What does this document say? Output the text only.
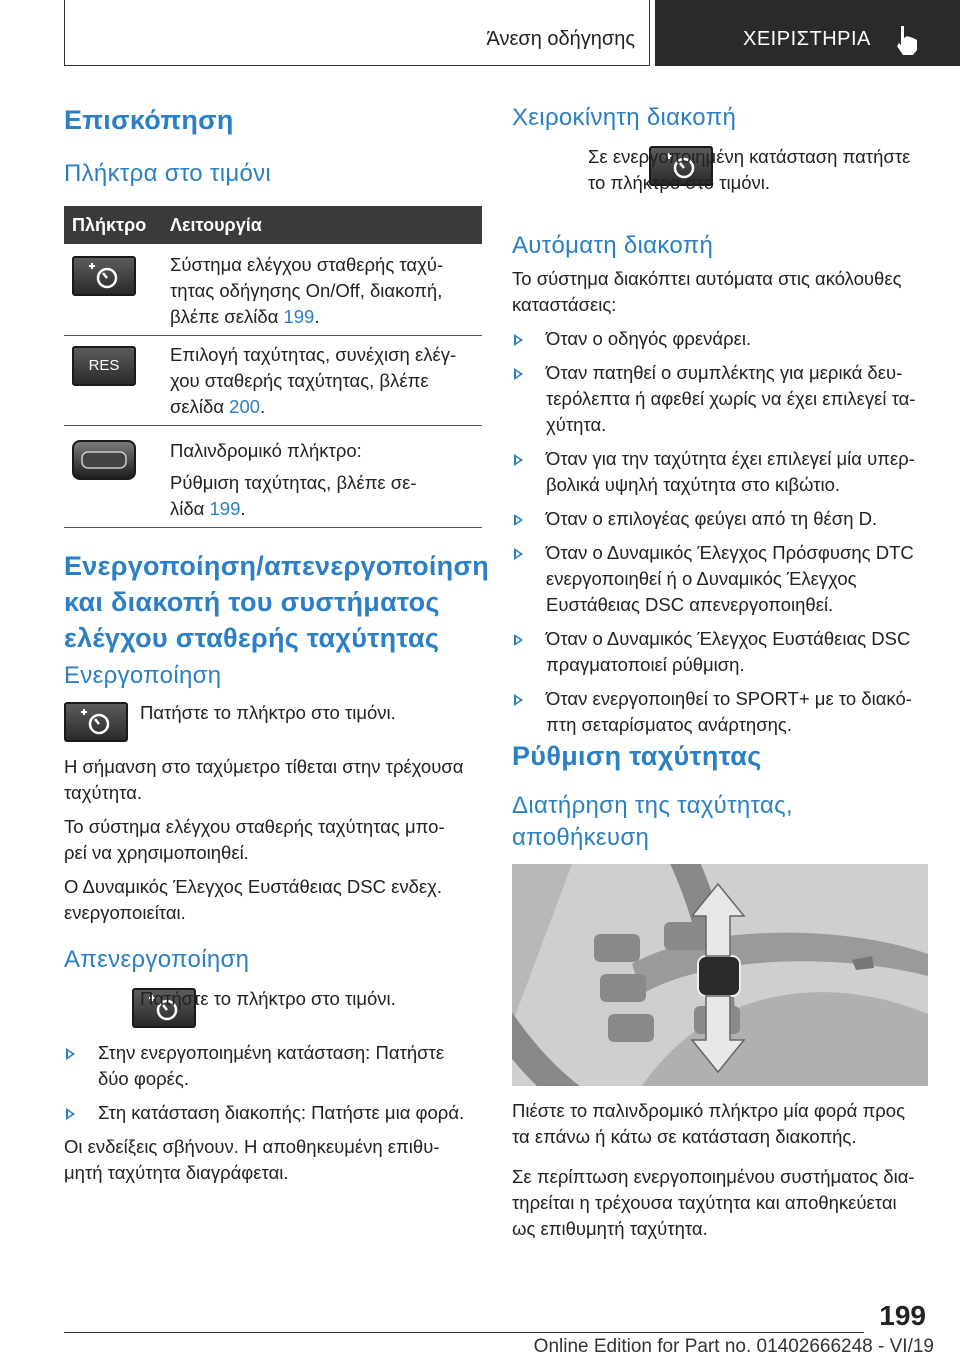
Άνεση οδήγησης	ΧΕΙΡΙΣΤΗΡΙΑ
Επισκόπηση
Πλήκτρα στο τιμόνι
Πλήκτρο Λειτουργία

Σύστημα ελέγχου σταθερής ταχύ-

τητας οδήγησης On/Off, διακοπή,

βλέπε σελίδα 199.

RES

Επιλογή ταχύτητας, συνέχιση ελέγ-

χου σταθερής ταχύτητας, βλέπε

σελίδα 200.

Παλινδρομικό πλήκτρο:

Ρύθμιση ταχύτητας, βλέπε σε-

λίδα 199.

Ενεργοποίηση/απενεργοποίηση
και διακοπή του συστήματος
ελέγχου σταθερής ταχύτητας
Ενεργοποίηση

Πατήστε το πλήκτρο στο τιμόνι.

Η σήμανση στο ταχύμετρο τίθεται στην τρέχουσα

ταχύτητα.

Το σύστημα ελέγχου σταθερής ταχύτητας μπο-

ρεί να χρησιμοποιηθεί.

Ο Δυναμικός Έλεγχος Ευστάθειας DSC ενδεχ.

ενεργοποιείται.

Απενεργοποίηση

Πατήστε το πλήκτρο στο τιμόνι.

Στην ενεργοποιημένη κατάσταση: Πατήστε
δύο φορές.
Στη κατάσταση διακοπής: Πατήστε μια φορά.

Οι ενδείξεις σβήνουν. Η αποθηκευμένη επιθυ-

μητή ταχύτητα διαγράφεται.

Χειροκίνητη διακοπή

Σε ενεργοποιημένη κατάσταση πατήστε

το πλήκτρο στο τιμόνι.

Αυτόματη διακοπή

Το σύστημα διακόπτει αυτόματα στις ακόλουθες

καταστάσεις:

Όταν ο οδηγός φρενάρει.
Όταν πατηθεί ο συμπλέκτης για μερικά δευ-
τερόλεπτα ή αφεθεί χωρίς να έχει επιλεγεί τα-
χύτητα.
Όταν για την ταχύτητα έχει επιλεγεί μία υπερ-
βολικά υψηλή ταχύτητα στο κιβώτιο.
Όταν ο επιλογέας φεύγει από τη θέση D.
Όταν ο Δυναμικός Έλεγχος Πρόσφυσης DTC
ενεργοποιηθεί ή ο Δυναμικός Έλεγχος
Ευστάθειας DSC απενεργοποιηθεί.
Όταν ο Δυναμικός Έλεγχος Ευστάθειας DSC
πραγματοποιεί ρύθμιση.
Όταν ενεργοποιηθεί το SPORT+ με το διακό-
πτη σεταρίσματος ανάρτησης.
Ρύθμιση ταχύτητας
Διατήρηση της ταχύτητας,
αποθήκευση

Πιέστε το παλινδρομικό πλήκτρο μία φορά προς

τα επάνω ή κάτω σε κατάσταση διακοπής.

Σε περίπτωση ενεργοποιημένου συστήματος δια-

τηρείται η τρέχουσα ταχύτητα και αποθηκεύεται

ως επιθυμητή ταχύτητα.

199
Online Edition for Part no. 01402666248 - VI/19
